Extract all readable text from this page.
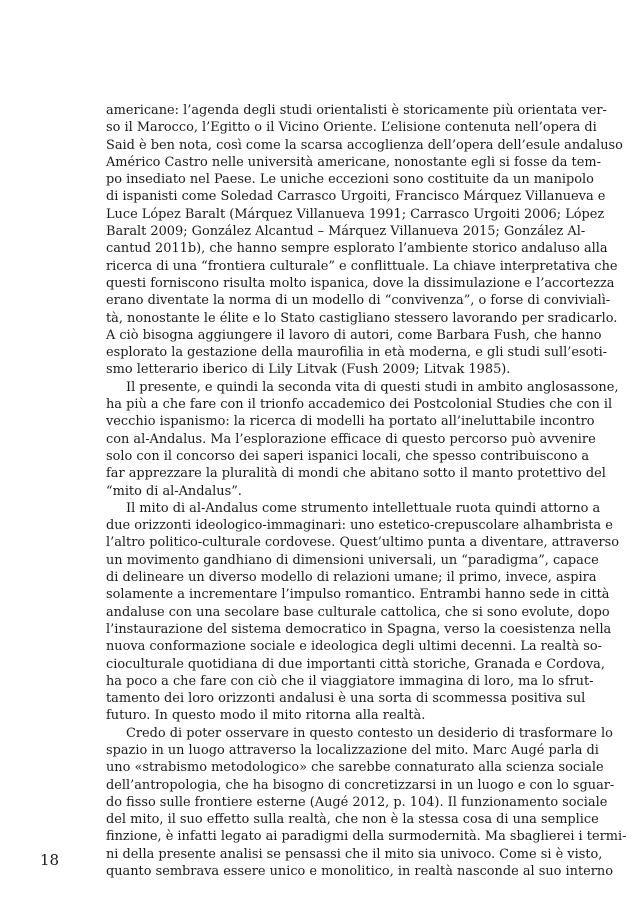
americane: l’agenda degli studi orientalisti è storicamente più orientata ver-
so il Marocco, l’Egitto o il Vicino Oriente. L’elisione contenuta nell’opera di
Said è ben nota, così come la scarsa accoglienza dell’opera dell’esule andaluso
Américo Castro nelle università americane, nonostante egli si fosse da tem-
po insediato nel Paese. Le uniche eccezioni sono costituite da un manipolo
di ispanisti come Soledad Carrasco Urgoiti, Francisco Márquez Villanueva e
Luce López Baralt (Márquez Villanueva 1991; Carrasco Urgoiti 2006; López
Baralt 2009; González Alcantud – Márquez Villanueva 2015; González Al-
cantud 2011b), che hanno sempre esplorato l’ambiente storico andaluso alla
ricerca di una “frontiera culturale” e conflittuale. La chiave interpretativa che
questi forniscono risulta molto ispanica, dove la dissimulazione e l’accortezza
erano diventate la norma di un modello di “convivenza”, o forse di convivialì-
tà, nonostante le élite e lo Stato castigliano stessero lavorando per sradicarlo.
A ciò bisogna aggiungere il lavoro di autori, come Barbara Fush, che hanno
esplorato la gestazione della maurofilia in età moderna, e gli studi sull’esoti-
smo letterario iberico di Lily Litvak (Fush 2009; Litvak 1985).

Il presente, e quindi la seconda vita di questi studi in ambito anglosassone,
ha più a che fare con il trionfo accademico dei Postcolonial Studies che con il
vecchio ispanismo: la ricerca di modelli ha portato all’ineluttabile incontro
con al-Andalus. Ma l’esplorazione efficace di questo percorso può avvenire
solo con il concorso dei saperi ispanici locali, che spesso contribuiscono a
far apprezzare la pluralità di mondi che abitano sotto il manto protettivo del
“mito di al-Andalus”.

Il mito di al-Andalus come strumento intellettuale ruota quindi attorno a
due orizzonti ideologico-immaginari: uno estetico-crepuscolare alhambrista e
l’altro politico-culturale cordovese. Quest’ultimo punta a diventare, attraverso
un movimento gandhiano di dimensioni universali, un “paradigma”, capace
di delineare un diverso modello di relazioni umane; il primo, invece, aspira
solamente a incrementare l’impulso romantico. Entrambi hanno sede in città
andaluse con una secolare base culturale cattolica, che si sono evolute, dopo
l’instaurazione del sistema democratico in Spagna, verso la coesistenza nella
nuova conformazione sociale e ideologica degli ultimi decenni. La realtà so-
cioculturale quotidiana di due importanti città storiche, Granada e Cordova,
ha poco a che fare con ciò che il viaggiatore immagina di loro, ma lo sfrut-
tamento dei loro orizzonti andalusi è una sorta di scommessa positiva sul
futuro. In questo modo il mito ritorna alla realtà.

Credo di poter osservare in questo contesto un desiderio di trasformare lo
spazio in un luogo attraverso la localizzazione del mito. Marc Augé parla di
uno «strabismo metodologico» che sarebbe connaturato alla scienza sociale
dell’antropologia, che ha bisogno di concretizzarsi in un luogo e con lo sguar-
do fisso sulle frontiere esterne (Augé 2012, p. 104). Il funzionamento sociale
del mito, il suo effetto sulla realtà, che non è la stessa cosa di una semplice
finzione, è infatti legato ai paradigmi della surmodernità. Ma sbaglierei i termi-
ni della presente analisi se pensassi che il mito sia univoco. Come si è visto,
quanto sembrava essere unico e monolitico, in realtà nasconde al suo interno

18
